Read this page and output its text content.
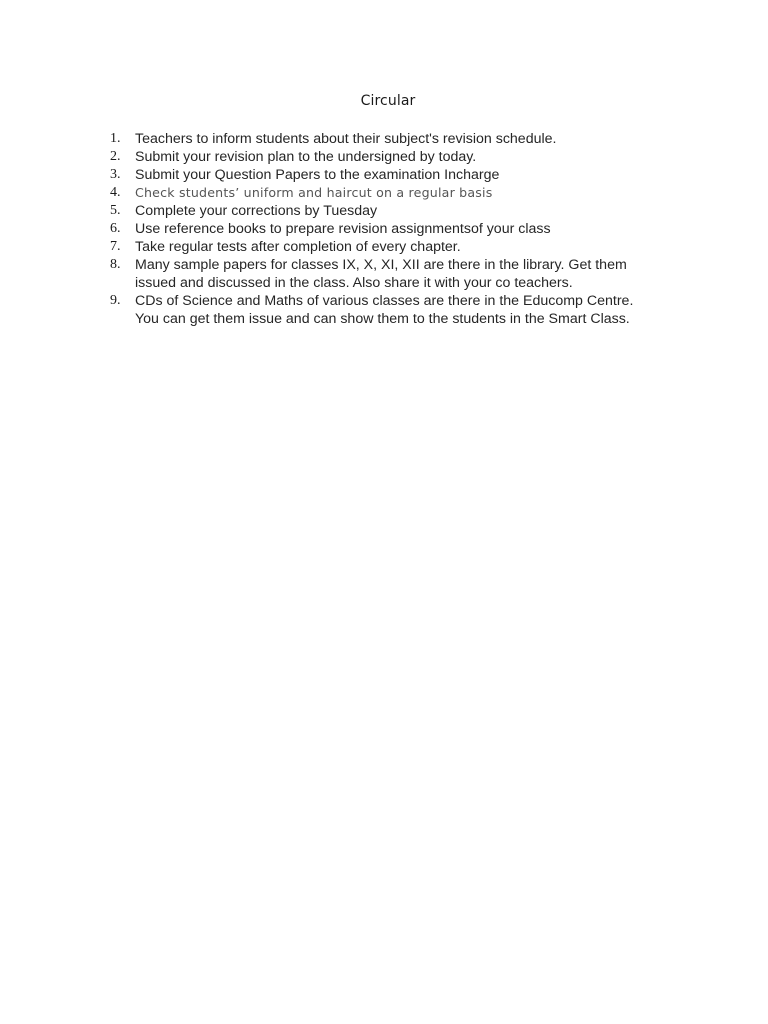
Circular
1.	Teachers to inform students about their subject's revision schedule.
2.	Submit your revision plan to the undersigned by today.
3.	Submit your Question Papers to the examination Incharge
4.	Check students’ uniform and haircut on a regular basis
5.	Complete your corrections by Tuesday
6.	Use reference books to prepare revision assignmentsof your class
7.	Take regular tests after completion of every chapter.
8.	Many sample papers for classes IX, X, XI, XII are there in the library. Get them
issued and discussed in the class. Also share it with your co teachers.
9.	CDs of Science and Maths of various classes are there in the Educomp Centre.
You can get them issue and can show them to the students in the Smart Class.
